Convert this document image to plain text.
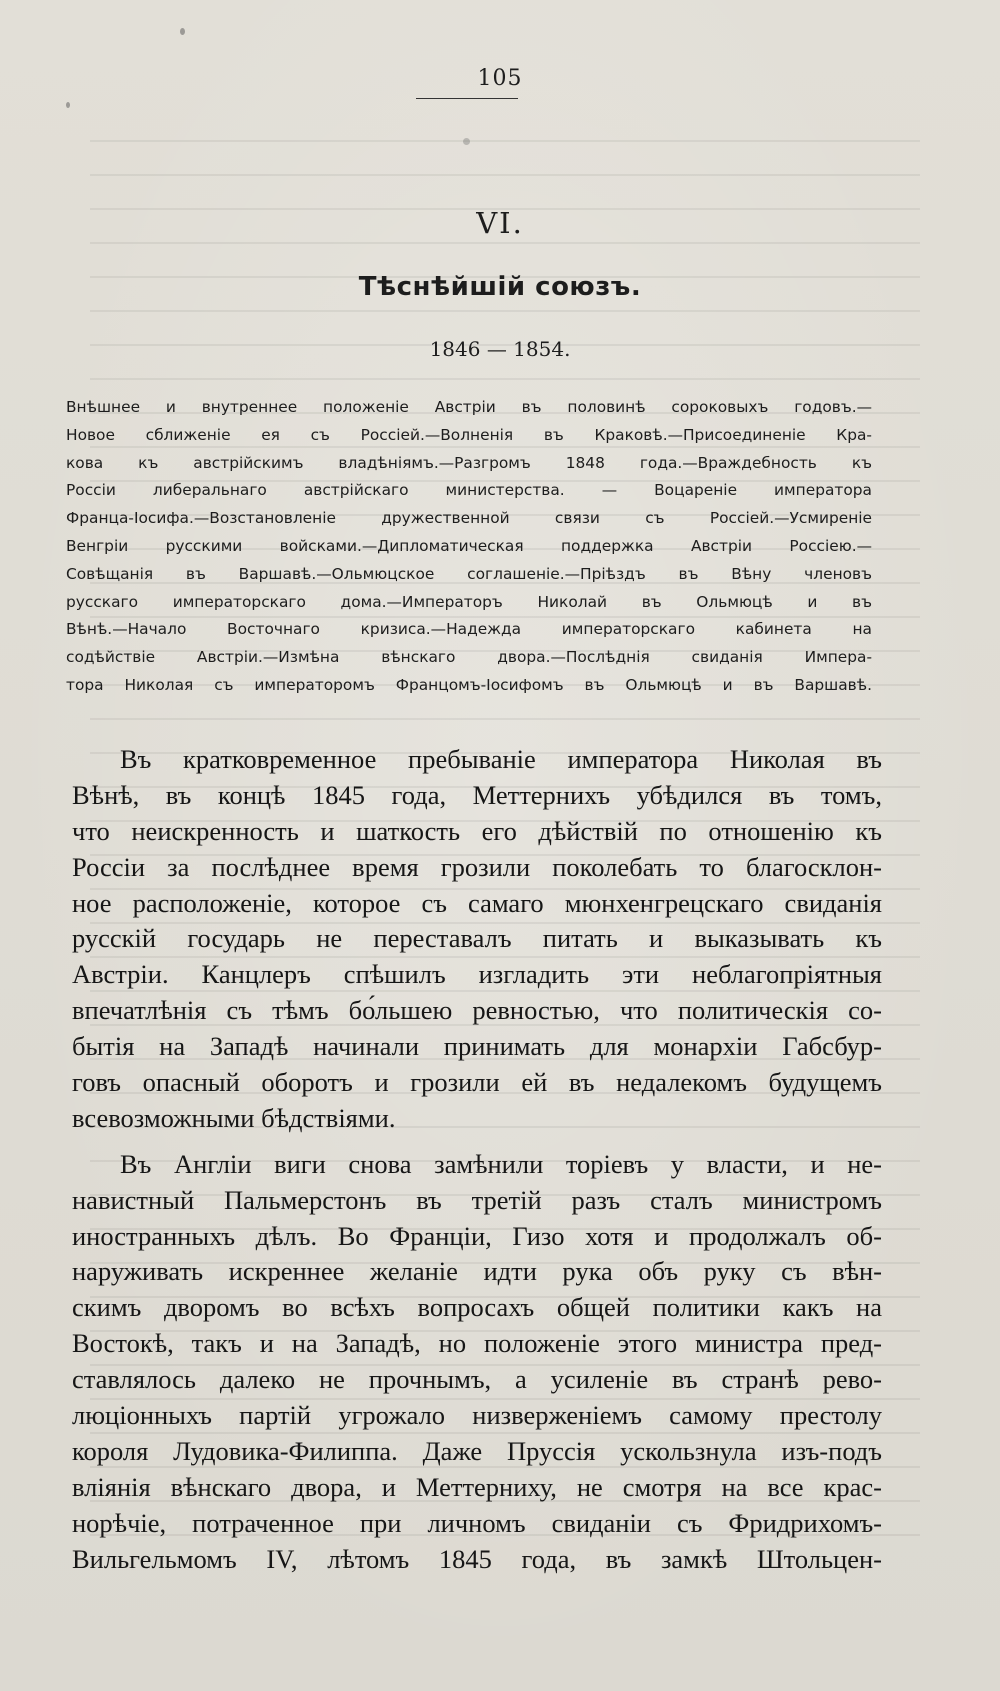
105
VI.
Тѣснѣйшій союзъ.
1846 — 1854.
Внѣшнее и внутреннее положеніе Австріи въ половинѣ сороковыхъ годовъ.—
Новое сближеніе ея съ Россіей.—Волненія въ Краковѣ.—Присоединеніе Кра-
кова къ австрійскимъ владѣніямъ.—Разгромъ 1848 года.—Враждебность къ
Россіи либеральнаго австрійскаго министерства. — Воцареніе императора
Франца-Іосифа.—Возстановленіе дружественной связи съ Россіей.—Усмиреніе
Венгріи русскими войсками.—Дипломатическая поддержка Австріи Россіею.—
Совѣщанія въ Варшавѣ.—Ольмюцское соглашеніе.—Пріѣздъ въ Вѣну членовъ
русскаго императорскаго дома.—Императоръ Николай въ Ольмюцѣ и въ
Вѣнѣ.—Начало Восточнаго кризиса.—Надежда императорскаго кабинета на
содѣйствіе Австріи.—Измѣна вѣнскаго двора.—Послѣднія свиданія Импера-
тора Николая съ императоромъ Францомъ-Іосифомъ въ Ольмюцѣ и въ Варшавѣ.
Въ кратковременное пребываніе императора Николая въ
Вѣнѣ, въ концѣ 1845 года, Меттернихъ убѣдился въ томъ,
что неискренность и шаткость его дѣйствій по отношенію къ
Россіи за послѣднее время грозили поколебать то благосклон-
ное расположеніе, которое съ самаго мюнхенгрецскаго свиданія
русскій государь не переставалъ питать и выказывать къ
Австріи. Канцлеръ спѣшилъ изгладить эти неблагопріятныя
впечатлѣнія съ тѣмъ бо́льшею ревностью, что политическія со-
бытія на Западѣ начинали принимать для монархіи Габсбур-
говъ опасный оборотъ и грозили ей въ недалекомъ будущемъ
всевозможными бѣдствіями.
Въ Англіи виги снова замѣнили торіевъ у власти, и не-
навистный Пальмерстонъ въ третій разъ сталъ министромъ
иностранныхъ дѣлъ. Во Франціи, Гизо хотя и продолжалъ об-
наруживать искреннее желаніе идти рука объ руку съ вѣн-
скимъ дворомъ во всѣхъ вопросахъ общей политики какъ на
Востокѣ, такъ и на Западѣ, но положеніе этого министра пред-
ставлялось далеко не прочнымъ, а усиленіе въ странѣ рево-
люціонныхъ партій угрожало низверженіемъ самому престолу
короля Лудовика-Филиппа. Даже Пруссія ускользнула изъ-подъ
вліянія вѣнскаго двора, и Меттерниху, не смотря на все крас-
норѣчіе, потраченное при личномъ свиданіи съ Фридрихомъ-
Вильгельмомъ IV, лѣтомъ 1845 года, въ замкѣ Штольцен-
